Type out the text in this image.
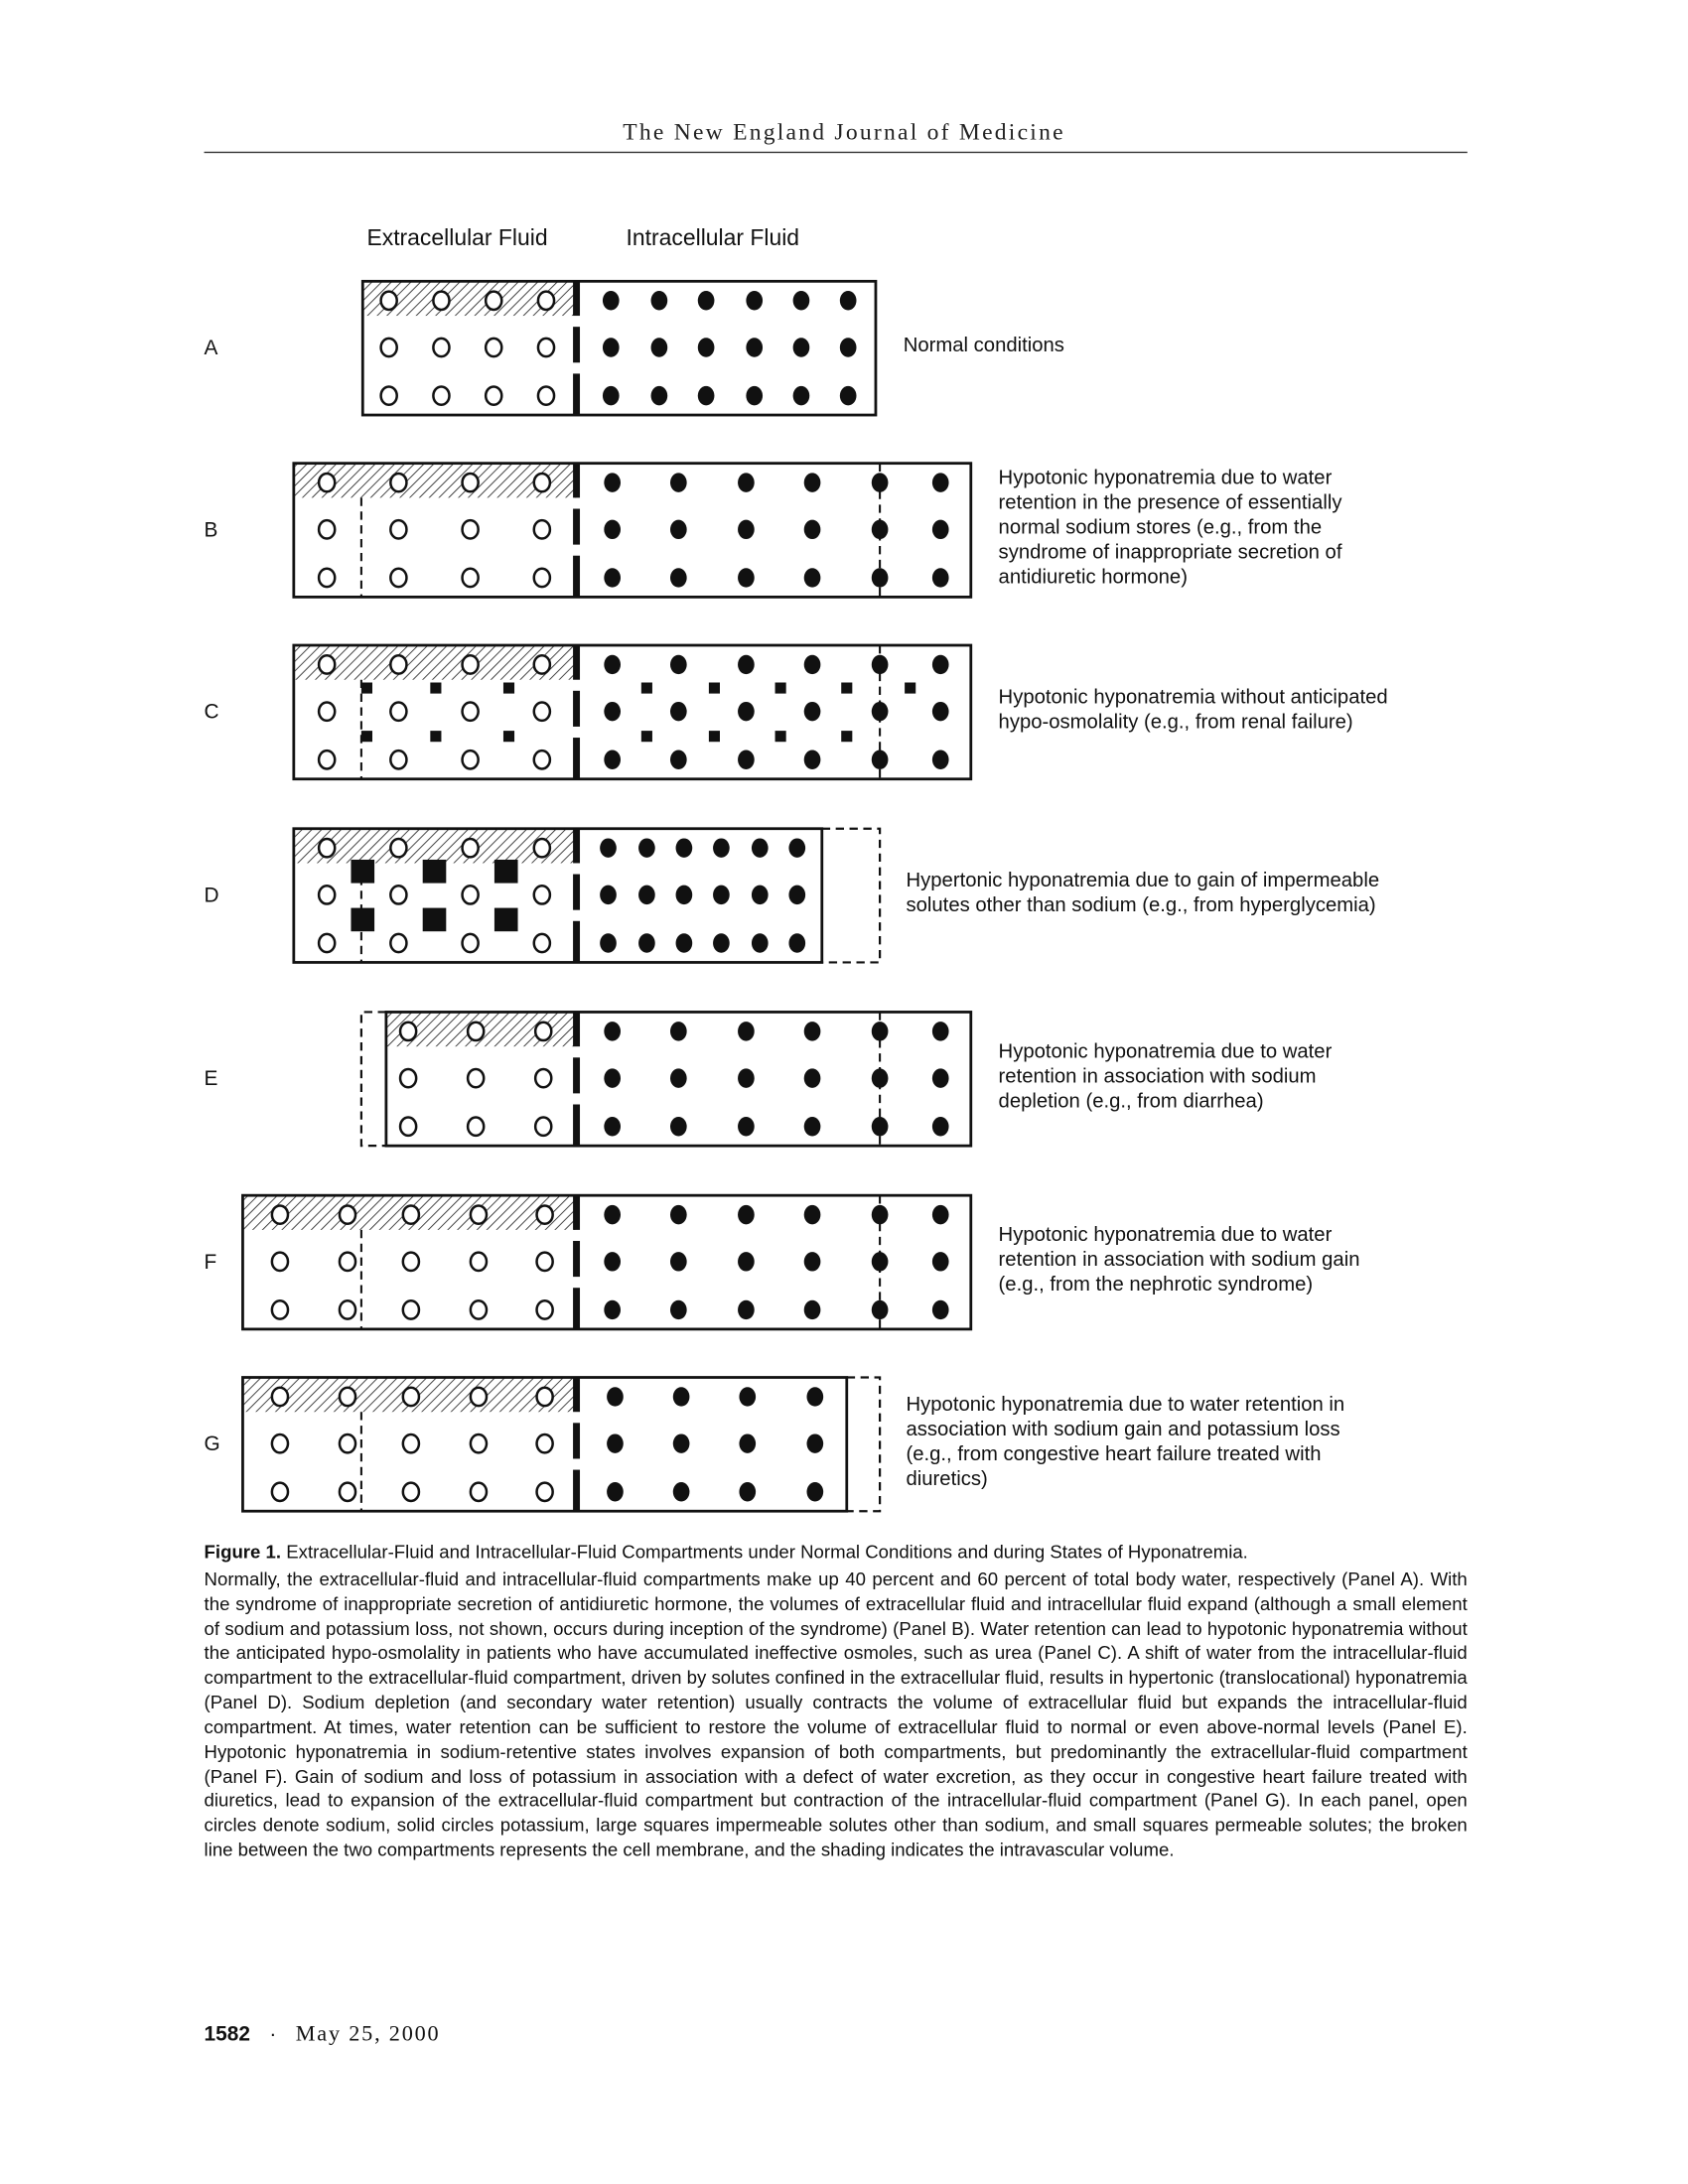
The New England Journal of Medicine
Extracellular Fluid	Intracellular Fluid
A	Normal conditions
B
Hypotonic hyponatremia due to water
retention in the presence of essentially
normal sodium stores (e.g., from the
syndrome of inappropriate secretion of
antidiuretic hormone)
C
Hypotonic hyponatremia without anticipated
hypo-osmolality (e.g., from renal failure)
D
Hypertonic hyponatremia due to gain of impermeable
solutes other than sodium (e.g., from hyperglycemia)
E
Hypotonic hyponatremia due to water
retention in association with sodium
depletion (e.g., from diarrhea)
F
Hypotonic hyponatremia due to water
retention in association with sodium gain
(e.g., from the nephrotic syndrome)
G
Hypotonic hyponatremia due to water retention in
association with sodium gain and potassium loss
(e.g., from congestive heart failure treated with
diuretics)
Figure 1. Extracellular-Fluid and Intracellular-Fluid Compartments under Normal Conditions and during States of Hyponatremia.
Normally, the extracellular-fluid and intracellular-fluid compartments make up 40 percent and 60 percent of total body water, respectively (Panel A). With the syndrome of inappropriate secretion of antidiuretic hormone, the volumes of extracellular fluid and intracellular fluid expand (although a small element of sodium and potassium loss, not shown, occurs during inception of the syndrome) (Panel B). Water retention can lead to hypotonic hyponatremia without the anticipated hypo-osmolality in patients who have accumulated ineffective osmoles, such as urea (Panel C). A shift of water from the intracellular-fluid compartment to the extracellular-fluid compartment, driven by solutes confined in the extracellular fluid, results in hypertonic (translocational) hyponatremia (Panel D). Sodium depletion (and secondary water retention) usually contracts the volume of extracellular fluid but expands the intracellular-fluid compartment. At times, water retention can be sufficient to restore the volume of extracellular fluid to normal or even above-normal levels (Panel E). Hypotonic hyponatremia in sodium-retentive states involves expansion of both compartments, but predominantly the extracellular-fluid compartment (Panel F). Gain of sodium and loss of potassium in association with a defect of water excretion, as they occur in congestive heart failure treated with diuretics, lead to expansion of the extracellular-fluid compartment but contraction of the intracellular-fluid compartment (Panel G). In each panel, open circles denote sodium, solid circles potassium, large squares impermeable solutes other than sodium, and small squares permeable solutes; the broken line between the two compartments represents the cell membrane, and the shading indicates the intravascular volume.
1582 · May 25, 2000
